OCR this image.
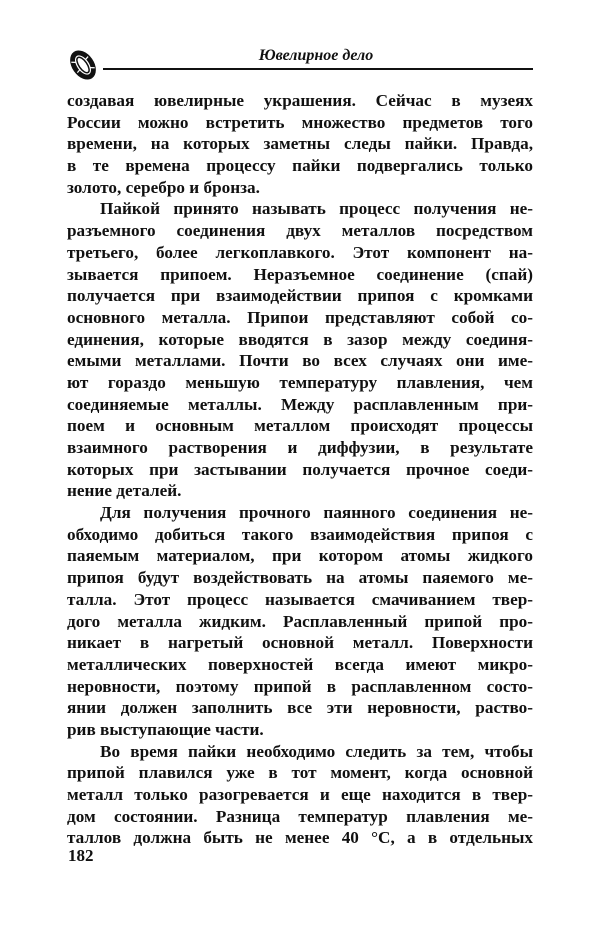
Ювелирное дело
создавая ювелирные украшения. Сейчас в музеях
России можно встретить множество предметов того
времени, на которых заметны следы пайки. Правда,
в те времена процессу пайки подвергались только
золото, серебро и бронза.
Пайкой принято называть процесс получения не-
разъемного соединения двух металлов посредством
третьего, более легкоплавкого. Этот компонент на-
зывается припоем. Неразъемное соединение (спай)
получается при взаимодействии припоя с кромками
основного металла. Припои представляют собой со-
единения, которые вводятся в зазор между соединя-
емыми металлами. Почти во всех случаях они име-
ют гораздо меньшую температуру плавления, чем
соединяемые металлы. Между расплавленным при-
поем и основным металлом происходят процессы
взаимного растворения и диффузии, в результате
которых при застывании получается прочное соеди-
нение деталей.
Для получения прочного паянного соединения не-
обходимо добиться такого взаимодействия припоя с
паяемым материалом, при котором атомы жидкого
припоя будут воздействовать на атомы паяемого ме-
талла. Этот процесс называется смачиванием твер-
дого металла жидким. Расплавленный припой про-
никает в нагретый основной металл. Поверхности
металлических поверхностей всегда имеют микро-
неровности, поэтому припой в расплавленном состо-
янии должен заполнить все эти неровности, раство-
рив выступающие части.
Во время пайки необходимо следить за тем, чтобы
припой плавился уже в тот момент, когда основной
металл только разогревается и еще находится в твер-
дом состоянии. Разница температур плавления ме-
таллов должна быть не менее 40 °С, а в отдельных
182
